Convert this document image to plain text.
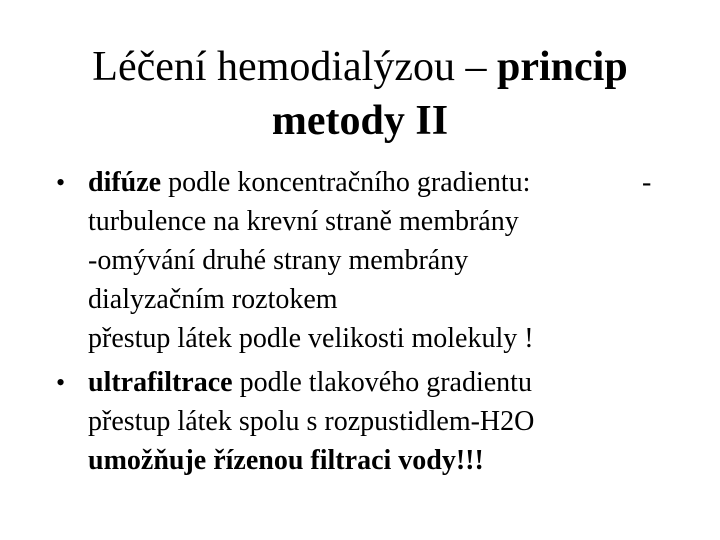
Léčení hemodialýzou – princip
metody II
• difúze podle koncentračního gradientu:	-
turbulence na krevní straně membrány
-omývání druhé strany membrány
dialyzačním roztokem
přestup látek podle velikosti molekuly !
• ultrafiltrace podle tlakového gradientu
přestup látek spolu s rozpustidlem-H2O
umožňuje řízenou filtraci vody!!!
